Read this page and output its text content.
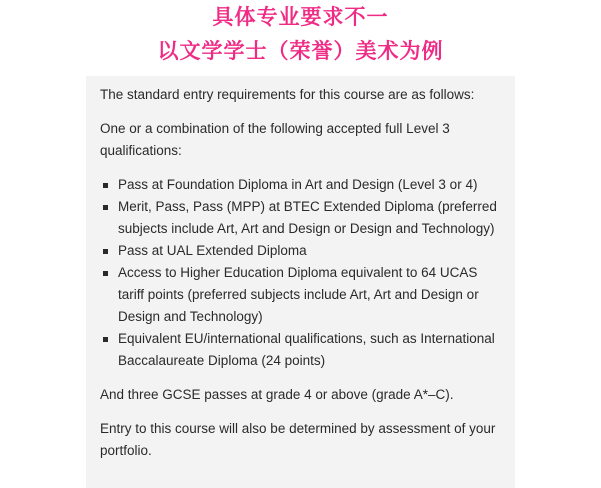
具体专业要求不一
以文学学士（荣誉）美术为例

The standard entry requirements for this course are as follows:

One or a combination of the following accepted full Level 3 qualifications:

Pass at Foundation Diploma in Art and Design (Level 3 or 4)
Merit, Pass, Pass (MPP) at BTEC Extended Diploma (preferred subjects include Art, Art and Design or Design and Technology)
Pass at UAL Extended Diploma
Access to Higher Education Diploma equivalent to 64 UCAS tariff points (preferred subjects include Art, Art and Design or Design and Technology)
Equivalent EU/international qualifications, such as International Baccalaureate Diploma (24 points)

And three GCSE passes at grade 4 or above (grade A*–C).

Entry to this course will also be determined by assessment of your portfolio.
